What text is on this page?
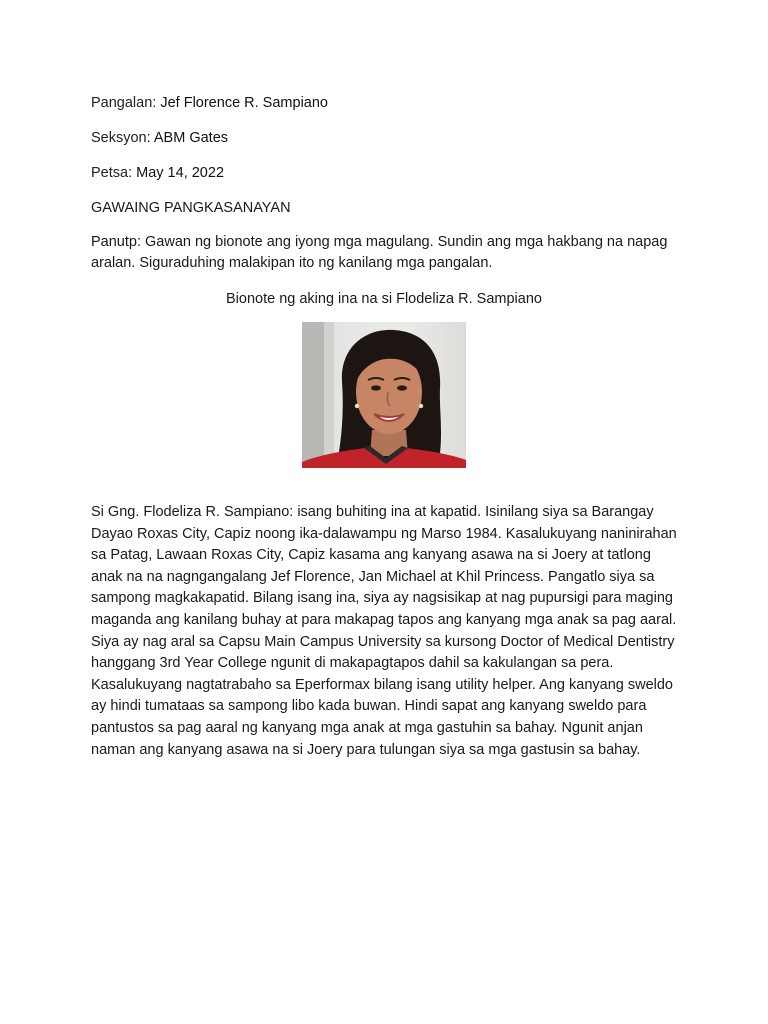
Pangalan: Jef Florence R. Sampiano
Seksyon: ABM Gates
Petsa: May 14, 2022
GAWAING PANGKASANAYAN
Panutp: Gawan ng bionote ang iyong mga magulang. Sundin ang mga hakbang na napag aralan. Siguraduhing malakipan ito ng kanilang mga pangalan.
Bionote ng aking ina na si Flodeliza R. Sampiano
Si Gng. Flodeliza R. Sampiano: isang buhiting ina at kapatid. Isinilang siya sa Barangay Dayao Roxas City, Capiz noong ika-dalawampu ng Marso 1984. Kasalukuyang naninirahan sa Patag, Lawaan Roxas City, Capiz kasama ang kanyang asawa na si Joery at tatlong anak na na nagngangalang Jef Florence, Jan Michael at Khil Princess. Pangatlo siya sa sampong magkakapatid. Bilang isang ina, siya ay nagsisikap at nag pupursigi para maging maganda ang kanilang buhay at para makapag tapos ang kanyang mga anak sa pag aaral. Siya ay nag aral sa Capsu Main Campus University sa kursong Doctor of Medical Dentistry hanggang 3rd Year College ngunit di makapagtapos dahil sa kakulangan sa pera. Kasalukuyang nagtatrabaho sa Eperformax bilang isang utility helper. Ang kanyang sweldo ay hindi tumataas sa sampong libo kada buwan. Hindi sapat ang kanyang sweldo para pantustos sa pag aaral ng kanyang mga anak at mga gastuhin sa bahay. Ngunit anjan naman ang kanyang asawa na si Joery para tulungan siya sa mga gastusin sa bahay.
